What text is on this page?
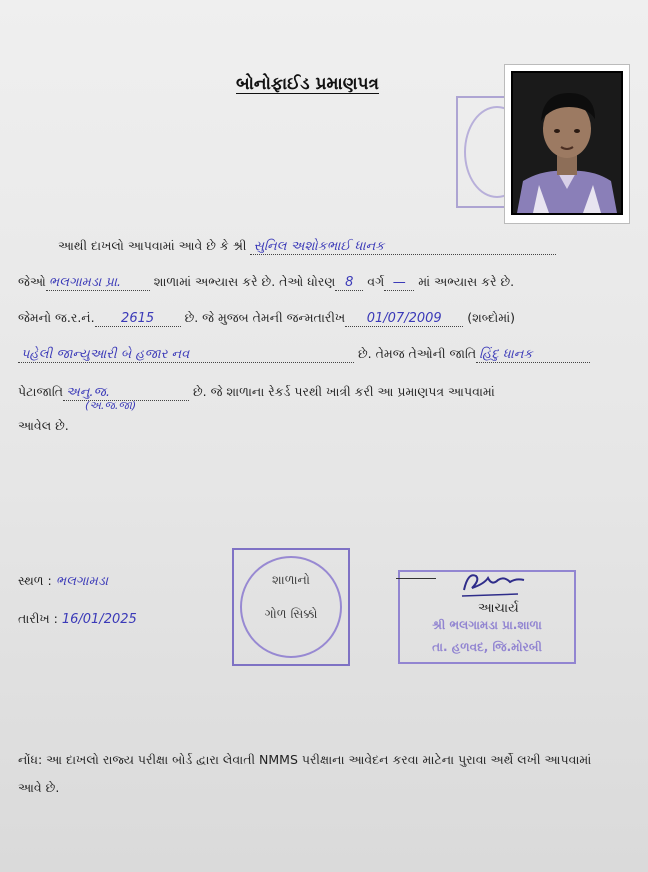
બોનોફાઈડ પ્રમાણપત્ર
આથી દાખલો આપવામાં આવે છે કે શ્રી સુનિલ અશોકભાઈ ધાનક
જેઓ ભલગામડા પ્રા.	શાળામાં અભ્યાસ કરે છે. તેઓ ધોરણ 8 વર્ગ — માં અભ્યાસ કરે છે.
જેમનો જ.ર.નં. 2615 છે. જે મુજબ તેમની જન્મતારીખ 01/07/2009 (શબ્દોમાં)
પહેલી જાન્યુઆરી બે હજાર નવ	છે. તેમજ તેઓની જાતિ હિંદુ ધાનક
પેટાજાતિ અનુ.જ.
(અ.જ.જા)
છે. જે શાળાના રેકર્ડ પરથી ખાત્રી કરી આ પ્રમાણપત્ર આપવામાં
આવેલ છે.
સ્થળ : ભલગામડા
તારીખ : 16/01/2025
શાળાનો
ગોળ સિક્કો
શ્રી ભલગામડા પ્રા.શાળા
તા. હળવદ, જિ.મોરબી
આચાર્ય
નોંધ: આ દાખલો રાજ્ય પરીક્ષા બોર્ડ દ્વારા લેવાતી NMMS પરીક્ષાના આવેદન કરવા માટેના પુરાવા અર્થે લખી આપવામાં આવે છે.
